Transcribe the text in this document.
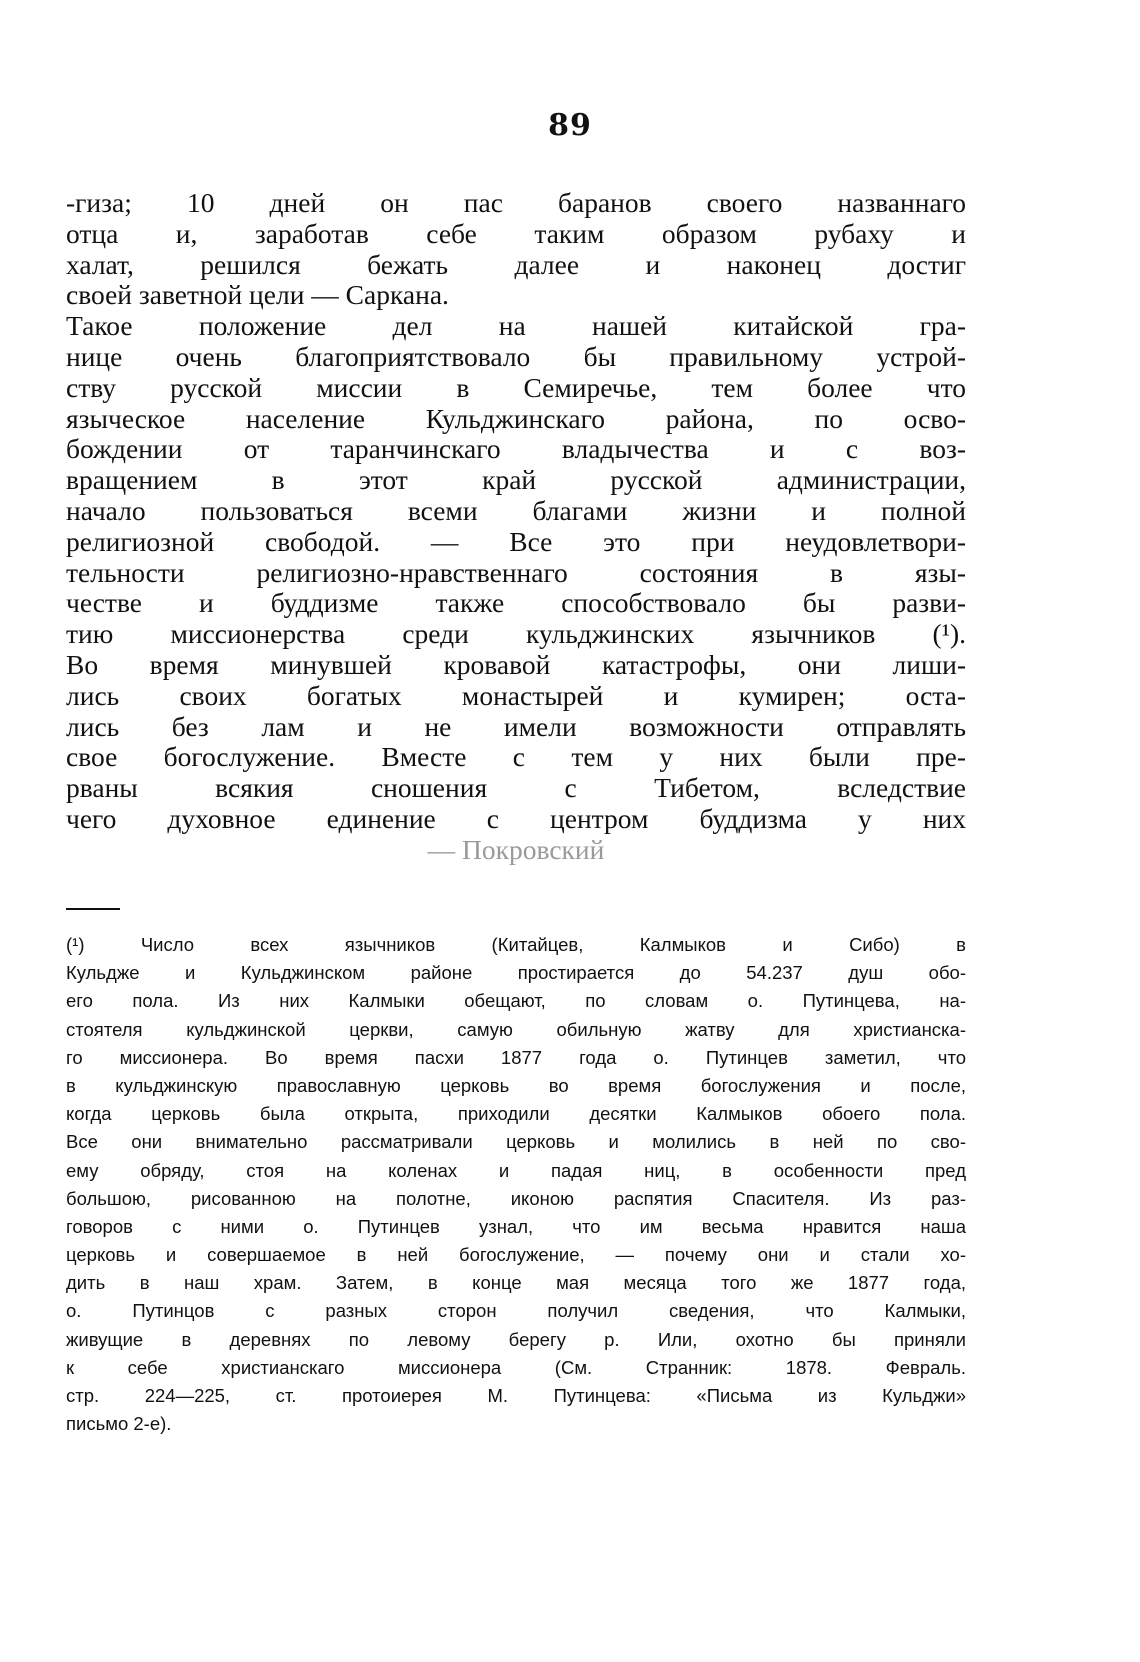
89
-гиза; 10 дней он пас баранов своего названнаго
отца и, заработав себе таким образом рубаху и
халат, решился бежать далее и наконец достиг
своей заветной цели — Саркана.
Такое положение дел на нашей китайской гра-
нице очень благоприятствовало бы правильному устрой-
ству русской миссии в Семиречье, тем более что
языческое население Кульджинскаго района, по осво-
бождении от таранчинскаго владычества и с воз-
вращением в этот край русской администрации,
начало пользоваться всеми благами жизни и полной
религиозной свободой. — Все это при неудовлетвори-
тельности религиозно-нравственнаго состояния в язы-
честве и буддизме также способствовало бы разви-
тию миссионерства среди кульджинских язычников (¹).
Во время минувшей кровавой катастрофы, они лиши-
лись своих богатых монастырей и кумирен; оста-
лись без лам и не имели возможности отправлять
свое богослужение. Вместе с тем у них были пре-
рваны всякия сношения с Тибетом, вследствие
чего духовное единение с центром буддизма у них
— Покровский
(¹) Число всех язычников (Китайцев, Калмыков и Сибо) в
Кульдже и Кульджинском районе простирается до 54.237 душ обо-
его пола. Из них Калмыки обещают, по словам о. Путинцева, на-
стоятеля кульджинской церкви, самую обильную жатву для христианска-
го миссионера. Во время пасхи 1877 года о. Путинцев заметил, что
в кульджинскую православную церковь во время богослужения и после,
когда церковь была открыта, приходили десятки Калмыков обоего пола.
Все они внимательно рассматривали церковь и молились в ней по сво-
ему обряду, стоя на коленах и падая ниц, в особенности пред
большою, рисованною на полотне, иконою распятия Спасителя. Из раз-
говоров с ними о. Путинцев узнал, что им весьма нравится наша
церковь и совершаемое в ней богослужение, — почему они и стали хо-
дить в наш храм. Затем, в конце мая месяца того же 1877 года,
о. Путинцов с разных сторон получил сведения, что Калмыки,
живущие в деревнях по левому берегу р. Или, охотно бы приняли
к себе христианскаго миссионера (См. Странник: 1878. Февраль.
стр. 224—225, ст. протоиерея М. Путинцева: «Письма из Кульджи»
письмо 2-е).
